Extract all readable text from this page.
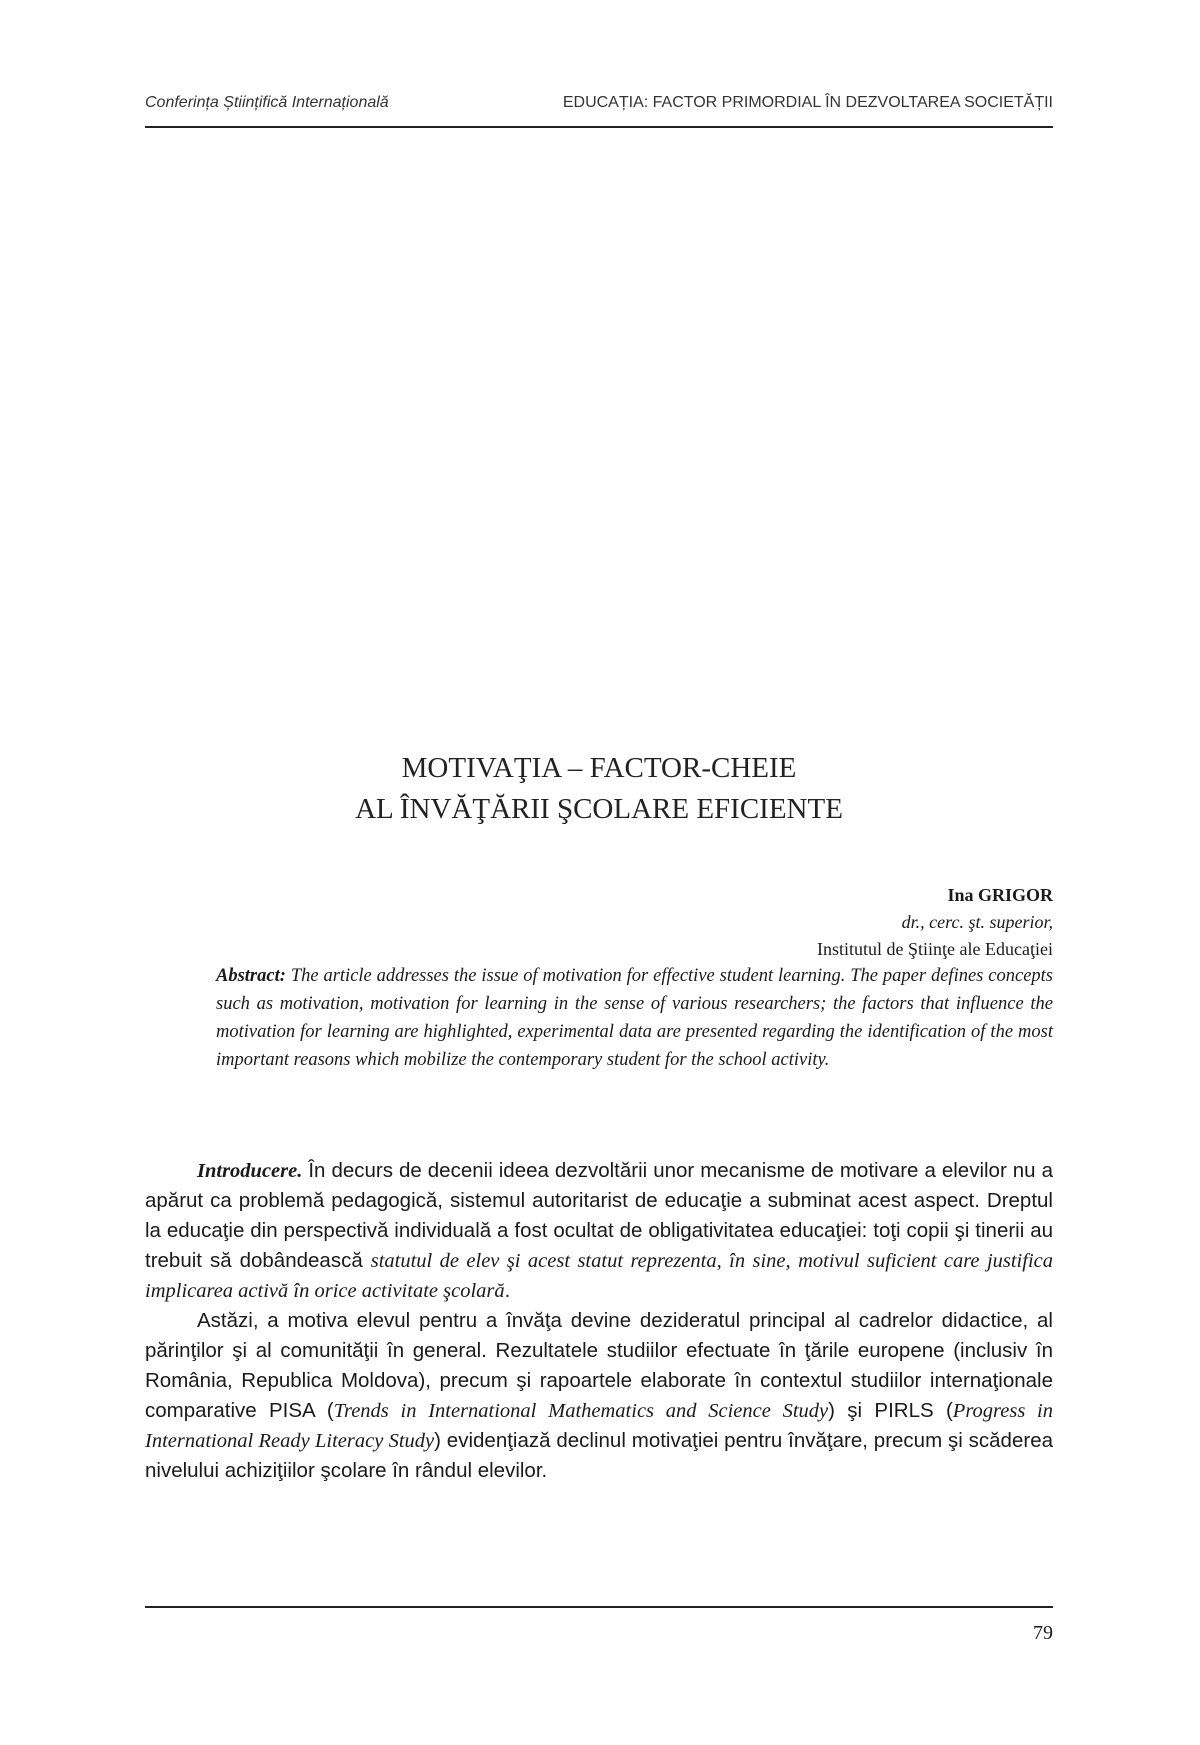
Conferința Științifică Internațională	EDUCAȚIA: FACTOR PRIMORDIAL ÎN DEZVOLTAREA SOCIETĂȚII
MOTIVAŢIA – FACTOR-CHEIE
AL ÎNVĂŢĂRII ŞCOLARE EFICIENTE
Ina GRIGOR
dr., cerc. şt. superior,
Institutul de Ştiinţe ale Educaţiei
Abstract: The article addresses the issue of motivation for effective student learning. The paper defines concepts such as motivation, motivation for learning in the sense of various researchers; the factors that influence the motivation for learning are highlighted, experimental data are presented regarding the identification of the most important reasons which mobilize the contemporary student for the school activity.

Introducere. În decurs de decenii ideea dezvoltării unor mecanisme de motivare a elevilor nu a apărut ca problemă pedagogică, sistemul autoritarist de educaţie a subminat acest aspect. Dreptul la educaţie din perspectivă individuală a fost ocultat de obligativitatea educaţiei: toţi copii şi tinerii au trebuit să dobândească statutul de elev şi acest statut reprezenta, în sine, motivul suficient care justifica implicarea activă în orice activitate şcolară.

Astăzi, a motiva elevul pentru a învăţa devine dezideratul principal al cadrelor didactice, al părinţilor şi al comunităţii în general. Rezultatele studiilor efectuate în ţările europene (inclusiv în România, Republica Moldova), precum şi rapoartele elaborate în contextul studiilor internaţionale comparative PISA (Trends in International Mathematics and Science Study) şi PIRLS (Progress in International Ready Literacy Study) evidenţiază declinul motivaţiei pentru învăţare, precum şi scăderea nivelului achiziţiilor şcolare în rândul elevilor.

79
